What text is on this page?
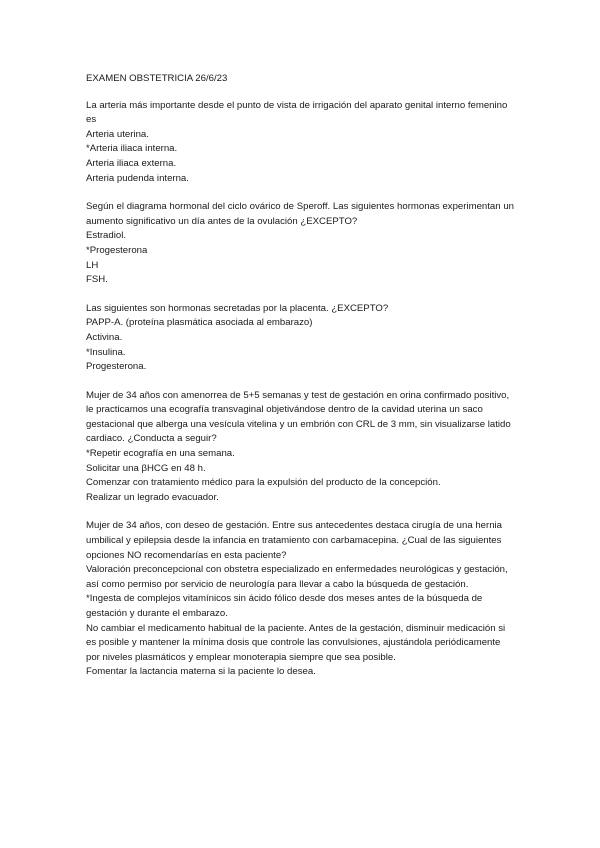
EXAMEN OBSTETRICIA 26/6/23

La arteria más importante desde el punto de vista de irrigación del aparato genital interno femenino es

Arteria uterina.

*Arteria iliaca interna.

Arteria iliaca externa.

Arteria pudenda interna.

Según el diagrama hormonal del ciclo ovárico de Speroff. Las siguientes hormonas experimentan un aumento significativo un día antes de la ovulación ¿EXCEPTO?

Estradiol.

*Progesterona

LH

FSH.

Las siguientes son hormonas secretadas por la placenta. ¿EXCEPTO?

PAPP-A. (proteína plasmática asociada al embarazo)

Activina.

*Insulina.

Progesterona.

Mujer de 34 años con amenorrea de 5+5 semanas y test de gestación en orina confirmado positivo, le practicamos una ecografía transvaginal objetivándose dentro de la cavidad uterina un saco gestacional que alberga una vesícula vitelina y un embrión con CRL de 3 mm, sin visualizarse latido cardiaco. ¿Conducta a seguir?

*Repetir ecografía en una semana.

Solicitar una βHCG en 48 h.

Comenzar con tratamiento médico para la expulsión del producto de la concepción.

Realizar un legrado evacuador.

Mujer de 34 años, con deseo de gestación. Entre sus antecedentes destaca cirugía de una hernia umbilical y epilepsia desde la infancia en tratamiento con carbamacepina. ¿Cual de las siguientes opciones NO recomendarías en esta paciente?

Valoración preconcepcional con obstetra especializado en enfermedades neurológicas y gestación, así como permiso por servicio de neurología para llevar a cabo la búsqueda de gestación.

*Ingesta de complejos vitamínicos sin ácido fólico desde dos meses antes de la búsqueda de gestación y durante el embarazo.

No cambiar el medicamento habitual de la paciente. Antes de la gestación, disminuir medicación si es posible y mantener la mínima dosis que controle las convulsiones, ajustándola periódicamente por niveles plasmáticos y emplear monoterapia siempre que sea posible.

Fomentar la lactancia materna si la paciente lo desea.
